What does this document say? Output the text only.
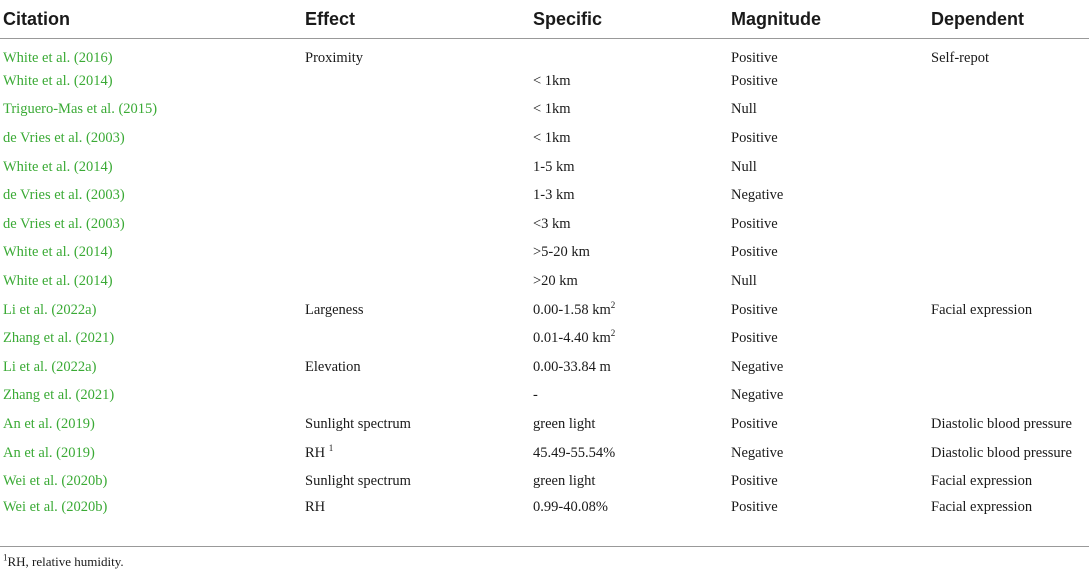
Citation	Effect	Specific	Magnitude	Dependent
White et al. (2016)	Proximity		Positive	Self-repot
White et al. (2014)		< 1km	Positive	
Triguero-Mas et al. (2015)		< 1km	Null	
de Vries et al. (2003)		< 1km	Positive	
White et al. (2014)		1-5 km	Null	
de Vries et al. (2003)		1-3 km	Negative	
de Vries et al. (2003)		<3 km	Positive	
White et al. (2014)		>5-20 km	Positive	
White et al. (2014)		>20 km	Null	
Li et al. (2022a)	Largeness	0.00-1.58 $km^2$	Positive	Facial expression
Zhang et al. (2021)		0.01-4.40 $km^2$	Positive	
Li et al. (2022a)	Elevation	0.00-33.84 m	Negative	
Zhang et al. (2021)		-	Negative	
An et al. (2019)	Sunlight spectrum	green light	Positive	Diastolic blood pressure
An et al. (2019)	RH $^1$	45.49-55.54%	Negative	Diastolic blood pressure
Wei et al. (2020b)	Sunlight spectrum	green light	Positive	Facial expression
Wei et al. (2020b)	RH	0.99-40.08%	Positive	Facial expression
$^1$RH, relative humidity.
